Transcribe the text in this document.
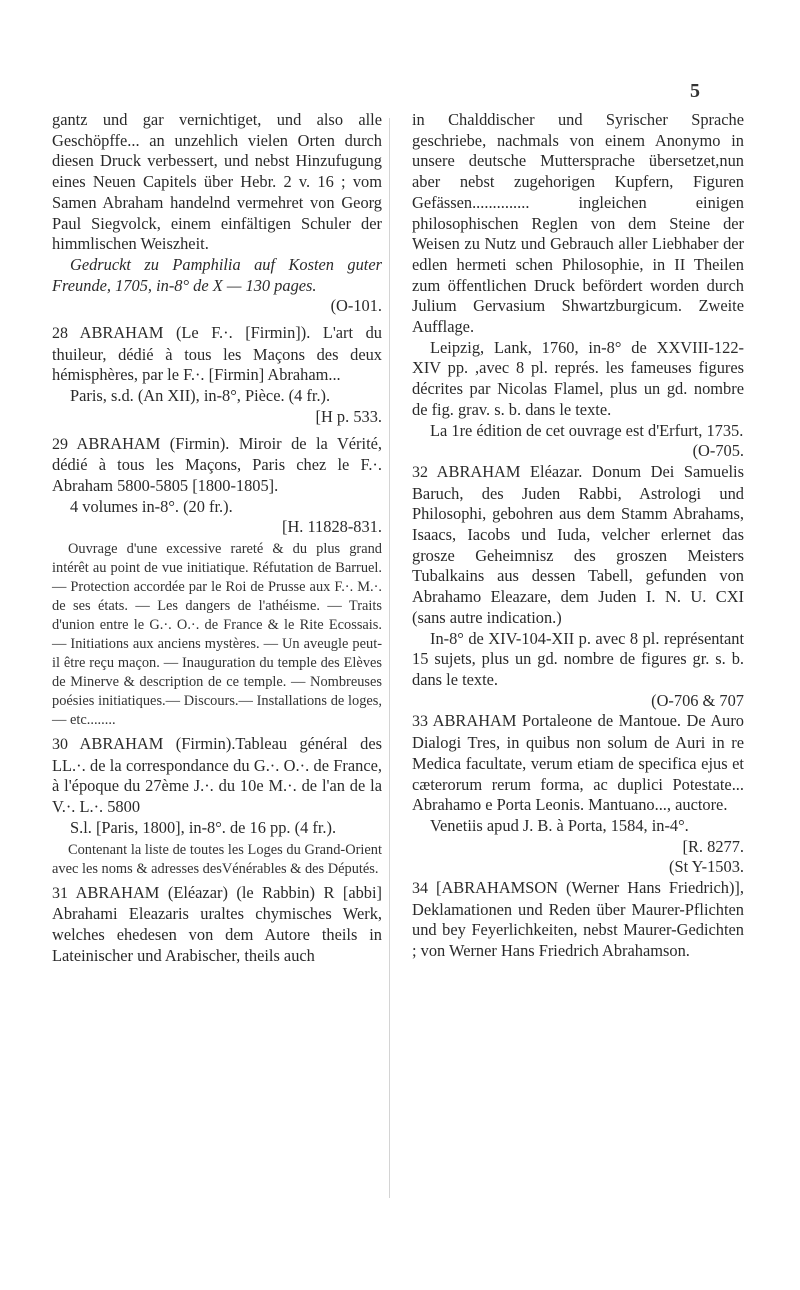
5

gantz und gar vernichtiget, und also alle Geschöpffe... an unzehlich vielen Orten durch diesen Druck verbessert, und nebst Hinzufugung eines Neuen Capitels über Hebr. 2 v. 16 ; vom Samen Abraham handelnd vermehret von Georg Paul Siegvolck, einem einfältigen Schuler der himmlischen Weiszheit.

Gedruckt zu Pamphilia auf Kosten guter Freunde, 1705, in-8° de X — 130 pages.

(O-101.

28 ABRAHAM (Le F.·. [Firmin]). L'art du thuileur, dédié à tous les Maçons des deux hémisphères, par le F.·. [Firmin] Abraham...

Paris, s.d. (An XII), in-8°, Pièce. (4 fr.).

[H p. 533.

29 ABRAHAM (Firmin). Miroir de la Vérité, dédié à tous les Maçons, Paris chez le F.·. Abraham 5800-5805 [1800-1805].

4 volumes in-8°. (20 fr.).

[H. 11828-831.

Ouvrage d'une excessive rareté & du plus grand intérêt au point de vue initiatique. Réfutation de Barruel. — Protection accordée par le Roi de Prusse aux F.·. M.·. de ses états. — Les dangers de l'athéisme. — Traits d'union entre le G.·. O.·. de France & le Rite Ecossais. — Initiations aux anciens mystères. — Un aveugle peut-il être reçu maçon. — Inauguration du temple des Elèves de Minerve & description de ce temple. — Nombreuses poésies initiatiques.— Discours.— Installations de loges, — etc........

30 ABRAHAM (Firmin).Tableau général des LL.·. de la correspondance du G.·. O.·. de France, à l'époque du 27ème J.·. du 10e M.·. de l'an de la V.·. L.·. 5800

S.l. [Paris, 1800], in-8°. de 16 pp. (4 fr.).

Contenant la liste de toutes les Loges du Grand-Orient avec les noms & adresses desVénérables & des Députés.

31 ABRAHAM (Eléazar) (le Rabbin) R [abbi] Abrahami Eleazaris uraltes chymisches Werk, welches ehedesen von dem Autore theils in Lateinischer und Arabischer, theils auch

in Chalddischer und Syrischer Sprache geschriebe, nachmals von einem Anonymo in unsere deutsche Muttersprache übersetzet,nun aber nebst zugehorigen Kupfern, Figuren Gefässen.............. ingleichen einigen philosophischen Reglen von dem Steine der Weisen zu Nutz und Gebrauch aller Liebhaber der edlen hermeti schen Philosophie, in II Theilen zum öffentlichen Druck befördert worden durch Julium Gervasium Shwartzburgicum. Zweite Aufflage.

Leipzig, Lank, 1760, in-8° de XXVIII-122-XIV pp. ,avec 8 pl. représ. les fameuses figures décrites par Nicolas Flamel, plus un gd. nombre de fig. grav. s. b. dans le texte.

La 1re édition de cet ouvrage est d'Erfurt, 1735.

(O-705.

32 ABRAHAM Eléazar. Donum Dei Samuelis Baruch, des Juden Rabbi, Astrologi und Philosophi, gebohren aus dem Stamm Abrahams, Isaacs, Iacobs und Iuda, velcher erlernet das grosze Geheimnisz des groszen Meisters Tubalkains aus dessen Tabell, gefunden von Abrahamo Eleazare, dem Juden I. N. U. CXI (sans autre indication.)

In-8° de XIV-104-XII p. avec 8 pl. représentant 15 sujets, plus un gd. nombre de figures gr. s. b. dans le texte.

(O-706 & 707

33 ABRAHAM Portaleone de Mantoue. De Auro Dialogi Tres, in quibus non solum de Auri in re Medica facultate, verum etiam de specifica ejus et cæterorum rerum forma, ac duplici Potestate... Abrahamo e Porta Leonis. Mantuano..., auctore.

Venetiis apud J. B. à Porta, 1584, in-4°.

[R. 8277.

(St Y-1503.

34 [ABRAHAMSON (Werner Hans Friedrich)], Deklamationen und Reden über Maurer-Pflichten und bey Feyerlichkeiten, nebst Maurer-Gedichten ; von Werner Hans Friedrich Abrahamson.
